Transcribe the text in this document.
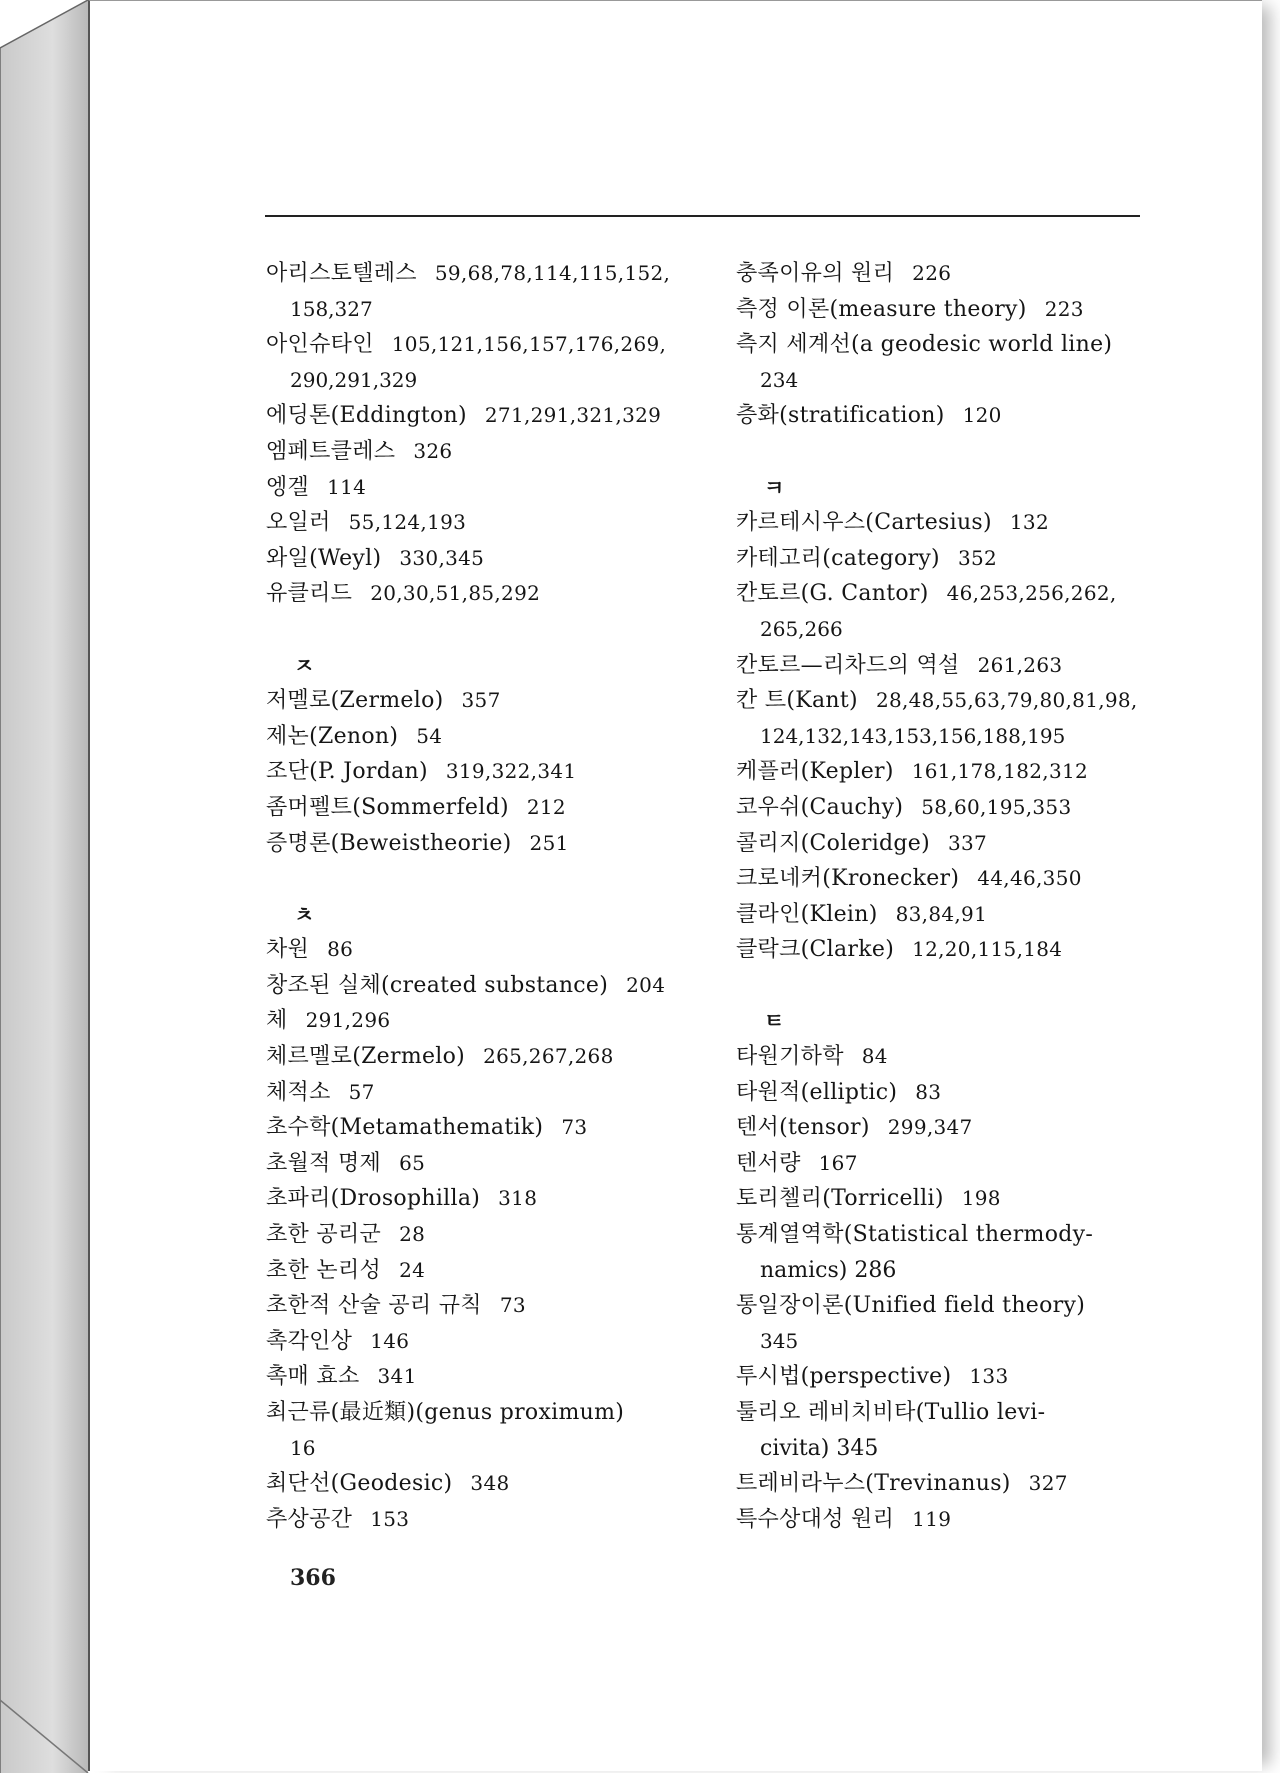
아리스토텔레스 59,68,78,114,115,152,
158,327
아인슈타인 105,121,156,157,176,269,
290,291,329
에딩톤(Eddington) 271,291,321,329
엠페트클레스 326
엥겔 114
오일러 55,124,193
와일(Weyl) 330,345
유클리드 20,30,51,85,292
ㅈ
저멜로(Zermelo) 357
제논(Zenon) 54
조단(P. Jordan) 319,322,341
좀머펠트(Sommerfeld) 212
증명론(Beweistheorie) 251
ㅊ
차원 86
창조된 실체(created substance) 204
체 291,296
체르멜로(Zermelo) 265,267,268
체적소 57
초수학(Metamathematik) 73
초월적 명제 65
초파리(Drosophilla) 318
초한 공리군 28
초한 논리성 24
초한적 산술 공리 규칙 73
촉각인상 146
촉매 효소 341
최근류(最近類)(genus proximum)
16
최단선(Geodesic) 348
추상공간 153
충족이유의 원리 226
측정 이론(measure theory) 223
측지 세계선(a geodesic world line)
234
층화(stratification) 120
ㅋ
카르테시우스(Cartesius) 132
카테고리(category) 352
칸토르(G. Cantor) 46,253,256,262,
265,266
칸토르—리차드의 역설 261,263
칸 트(Kant) 28,48,55,63,79,80,81,98,
124,132,143,153,156,188,195
케플러(Kepler) 161,178,182,312
코우쉬(Cauchy) 58,60,195,353
콜리지(Coleridge) 337
크로네커(Kronecker) 44,46,350
클라인(Klein) 83,84,91
클락크(Clarke) 12,20,115,184
ㅌ
타원기하학 84
타원적(elliptic) 83
텐서(tensor) 299,347
텐서량 167
토리첼리(Torricelli) 198
통계열역학(Statistical thermody-
namics) 286
통일장이론(Unified field theory)
345
투시법(perspective) 133
툴리오 레비치비타(Tullio levi-
civita) 345
트레비라누스(Trevinanus) 327
특수상대성 원리 119
366
